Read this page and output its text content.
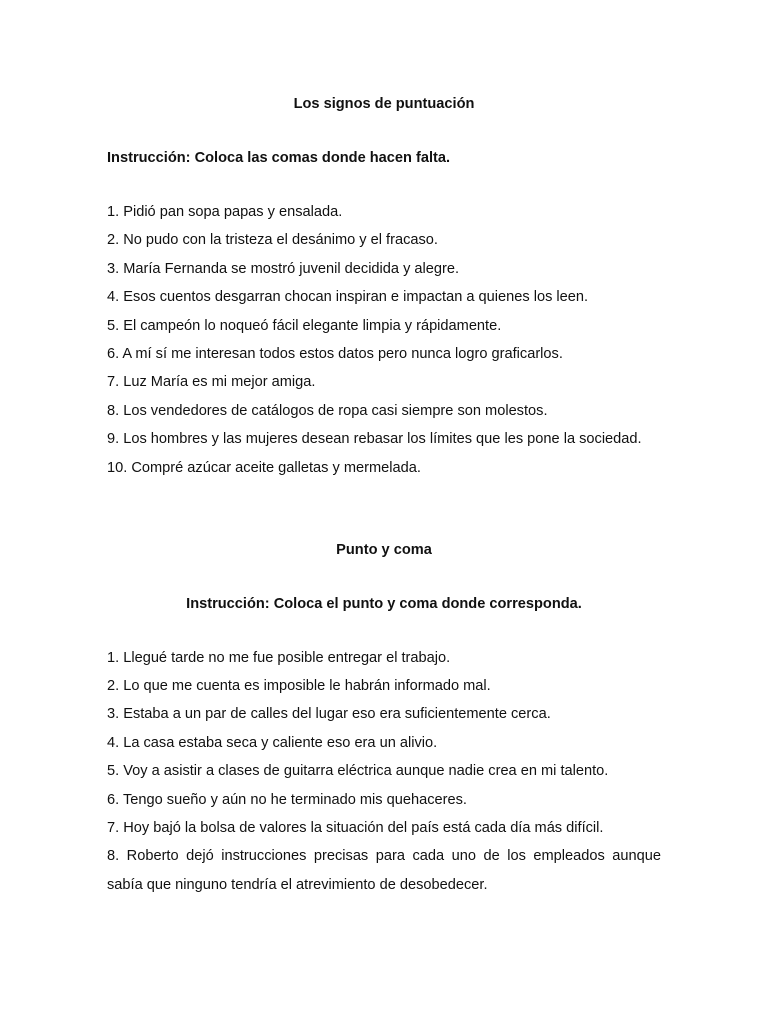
Los signos de puntuación

Instrucción: Coloca las comas donde hacen falta.

1. Pidió pan sopa papas y ensalada.
2. No pudo con la tristeza el desánimo y el fracaso.
3. María Fernanda se mostró juvenil decidida y alegre.
4. Esos cuentos desgarran chocan inspiran e impactan a quienes los leen.
5. El campeón lo noqueó fácil elegante limpia y rápidamente.
6. A mí sí me interesan todos estos datos pero nunca logro graficarlos.
7. Luz María es mi mejor amiga.
8. Los vendedores de catálogos de ropa casi siempre son molestos.
9. Los hombres y las mujeres desean rebasar los límites que les pone la sociedad.
10. Compré azúcar aceite galletas y mermelada.

Punto y coma

Instrucción: Coloca el punto y coma donde corresponda.

1. Llegué tarde no me fue posible entregar el trabajo.
2. Lo que me cuenta es imposible le habrán informado mal.
3. Estaba a un par de calles del lugar eso era suficientemente cerca.
4. La casa estaba seca y caliente eso era un alivio.
5. Voy a asistir a clases de guitarra eléctrica aunque nadie crea en mi talento.
6. Tengo sueño y aún no he terminado mis quehaceres.
7. Hoy bajó la bolsa de valores la situación del país está cada día más difícil.
8. Roberto dejó instrucciones precisas para cada uno de los empleados aunque sabía que ninguno tendría el atrevimiento de desobedecer.
